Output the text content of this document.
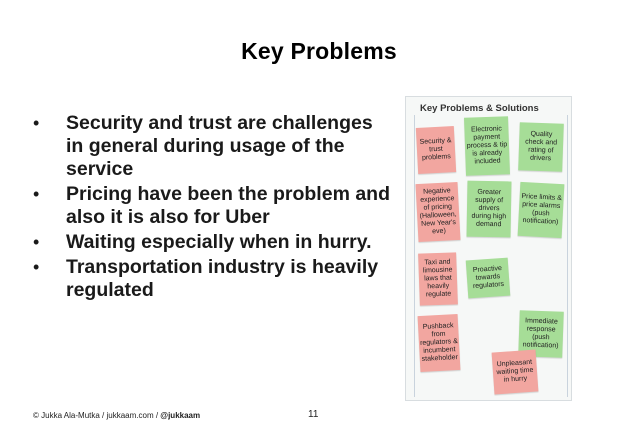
Key Problems
• Security and trust are challenges in general during usage of the service
• Pricing have been the problem and also it is also for Uber
• Waiting especially when in hurry.
• Transportation industry is heavily regulated
Key Problems & Solutions
Security & trust problems
Electronic payment process & tip is already included
Quality check and rating of drivers
Negative experience of pricing (Halloween, New Year's eve)
Greater supply of drivers during high demand
Price limits & price alarms (push notification)
Taxi and limousine laws that heavily regulate
Proactive towards regulators
Pushback from regulators & incumbent stakeholder
Immediate response (push notification)
Unpleasant waiting time in hurry
© Jukka Ala-Mutka / jukkaam.com / @jukkaam	11
